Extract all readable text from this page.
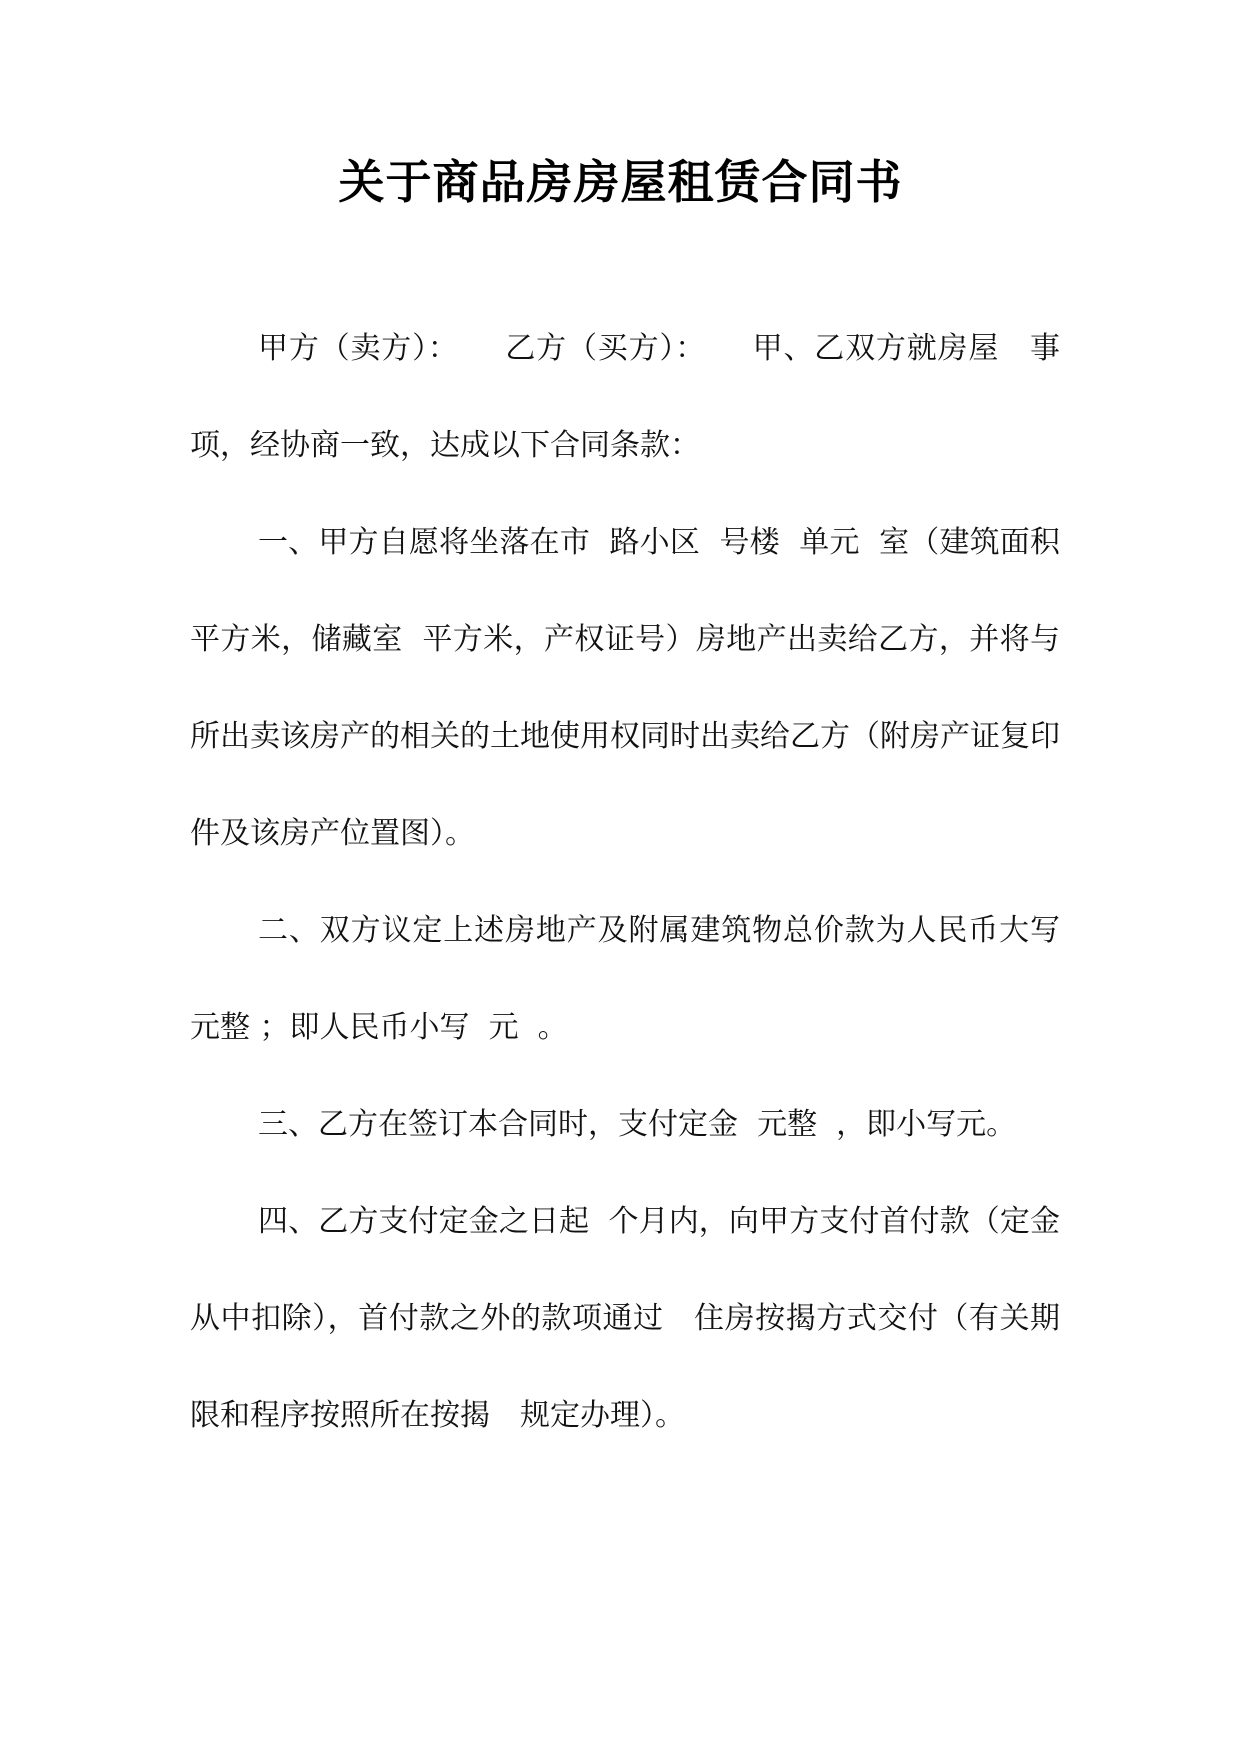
关于商品房房屋租赁合同书

甲方（卖方）：　　乙方（买方）：　　甲、乙双方就房屋　事项，经协商一致，达成以下合同条款：

一、甲方自愿将坐落在市  路小区  号楼  单元  室（建筑面积平方米，储藏室  平方米，产权证号）房地产出卖给乙方，并将与所出卖该房产的相关的土地使用权同时出卖给乙方（附房产证复印件及该房产位置图）。

二、双方议定上述房地产及附属建筑物总价款为人民币大写元整 ；即人民币小写  元  。

三、乙方在签订本合同时，支付定金  元整  ，即小写元。

四、乙方支付定金之日起  个月内，向甲方支付首付款（定金从中扣除），首付款之外的款项通过　住房按揭方式交付（有关期限和程序按照所在按揭　规定办理）。
